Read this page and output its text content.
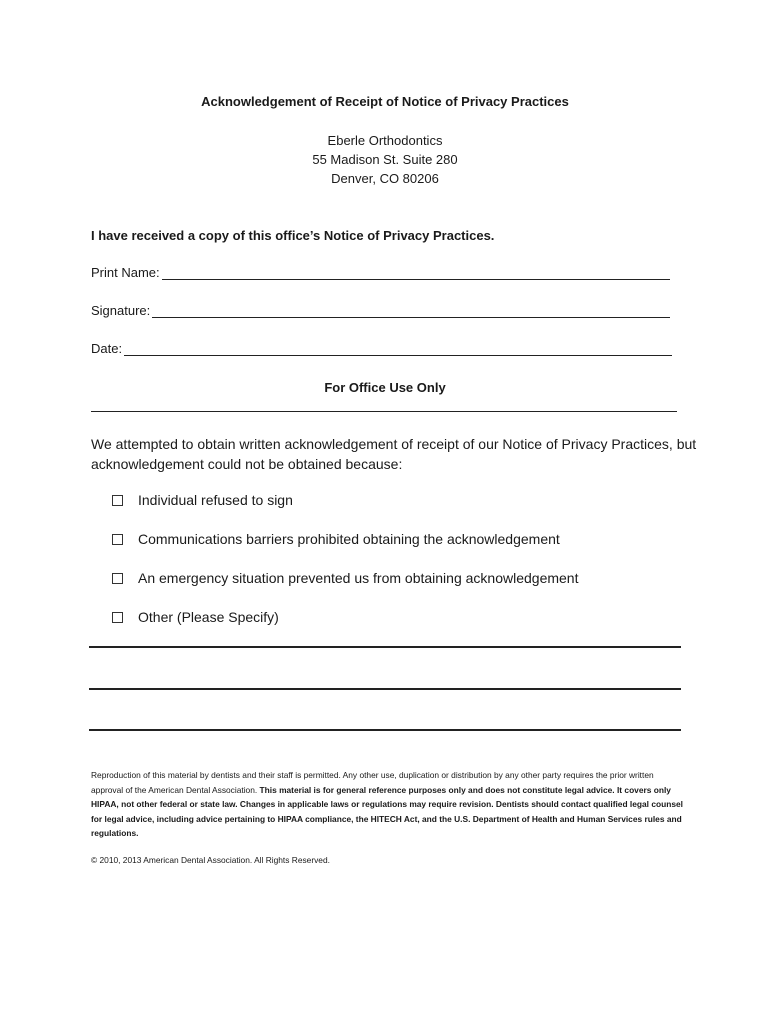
Acknowledgement of Receipt of Notice of Privacy Practices
Eberle Orthodontics
55 Madison St. Suite 280
Denver, CO 80206
I have received a copy of this office’s Notice of Privacy Practices.
Print Name:
Signature:
Date:
For Office Use Only
We attempted to obtain written acknowledgement of receipt of our Notice of Privacy Practices, but acknowledgement could not be obtained because:
Individual refused to sign
Communications barriers prohibited obtaining the acknowledgement
An emergency situation prevented us from obtaining acknowledgement
Other (Please Specify)
Reproduction of this material by dentists and their staff is permitted. Any other use, duplication or distribution by any other party requires the prior written approval of the American Dental Association. This material is for general reference purposes only and does not constitute legal advice. It covers only HIPAA, not other federal or state law. Changes in applicable laws or regulations may require revision. Dentists should contact qualified legal counsel for legal advice, including advice pertaining to HIPAA compliance, the HITECH Act, and the U.S. Department of Health and Human Services rules and regulations.
© 2010, 2013 American Dental Association. All Rights Reserved.
